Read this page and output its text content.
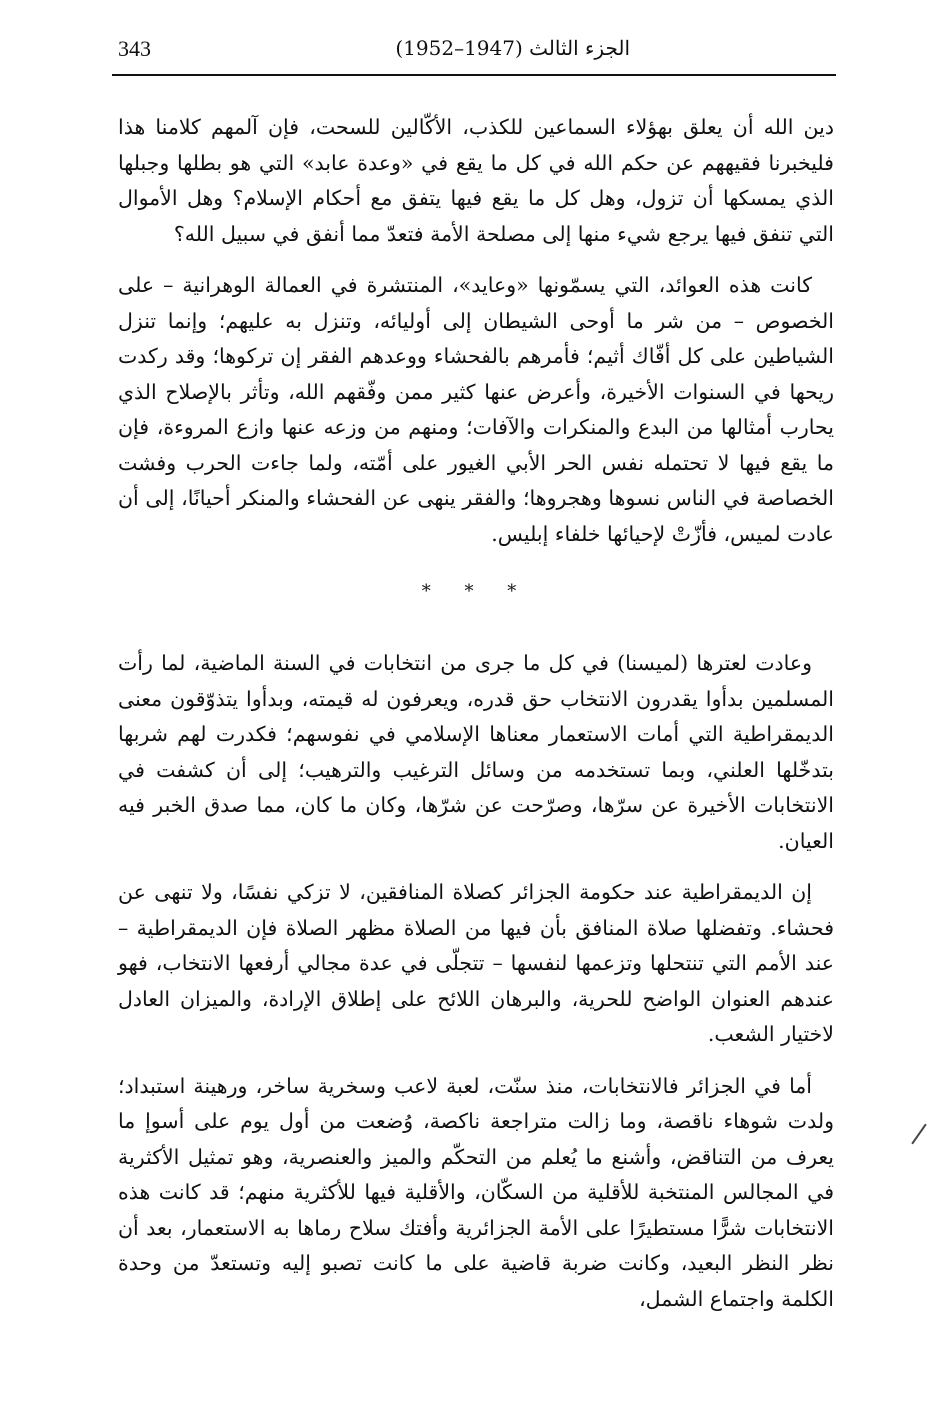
343	الجزء الثالث (1947–1952)

دين الله أن يعلق بهؤلاء السماعين للكذب، الأكّالين للسحت، فإن آلمهم كلامنا هذا فليخبرنا فقيههم عن حكم الله في كل ما يقع في «وعدة عابد» التي هو بطلها وجبلها الذي يمسكها أن تزول، وهل كل ما يقع فيها يتفق مع أحكام الإسلام؟ وهل الأموال التي تنفق فيها يرجع شيء منها إلى مصلحة الأمة فتعدّ مما أنفق في سبيل الله؟

كانت هذه العوائد، التي يسمّونها «وعايد»، المنتشرة في العمالة الوهرانية – على الخصوص – من شر ما أوحى الشيطان إلى أوليائه، وتنزل به عليهم؛ وإنما تنزل الشياطين على كل أفّاك أثيم؛ فأمرهم بالفحشاء ووعدهم الفقر إن تركوها؛ وقد ركدت ريحها في السنوات الأخيرة، وأعرض عنها كثير ممن وفّقهم الله، وتأثر بالإصلاح الذي يحارب أمثالها من البدع والمنكرات والآفات؛ ومنهم من وزعه عنها وازع المروءة، فإن ما يقع فيها لا تحتمله نفس الحر الأبي الغيور على أمّته، ولما جاءت الحرب وفشت الخصاصة في الناس نسوها وهجروها؛ والفقر ينهى عن الفحشاء والمنكر أحيانًا، إلى أن عادت لميس، فأزّتْ لإحيائها خلفاء إبليس.

* * *

وعادت لعترها (لميسنا) في كل ما جرى من انتخابات في السنة الماضية، لما رأت المسلمين بدأوا يقدرون الانتخاب حق قدره، ويعرفون له قيمته، وبدأوا يتذوّقون معنى الديمقراطية التي أمات الاستعمار معناها الإسلامي في نفوسهم؛ فكدرت لهم شربها بتدخّلها العلني، وبما تستخدمه من وسائل الترغيب والترهيب؛ إلى أن كشفت في الانتخابات الأخيرة عن سرّها، وصرّحت عن شرّها، وكان ما كان، مما صدق الخبر فيه العيان.

إن الديمقراطية عند حكومة الجزائر كصلاة المنافقين، لا تزكي نفسًا، ولا تنهى عن فحشاء. وتفضلها صلاة المنافق بأن فيها من الصلاة مظهر الصلاة فإن الديمقراطية – عند الأمم التي تنتحلها وتزعمها لنفسها – تتجلّى في عدة مجالي أرفعها الانتخاب، فهو عندهم العنوان الواضح للحرية، والبرهان اللائح على إطلاق الإرادة، والميزان العادل لاختيار الشعب.

أما في الجزائر فالانتخابات، منذ سنّت، لعبة لاعب وسخرية ساخر، ورهينة استبداد؛ ولدت شوهاء ناقصة، وما زالت متراجعة ناكصة، وُضعت من أول يوم على أسوإ ما يعرف من التناقض، وأشنع ما يُعلم من التحكّم والميز والعنصرية، وهو تمثيل الأكثرية في المجالس المنتخبة للأقلية من السكّان، والأقلية فيها للأكثرية منهم؛ قد كانت هذه الانتخابات شرًّا مستطيرًا على الأمة الجزائرية وأفتك سلاح رماها به الاستعمار، بعد أن نظر النظر البعيد، وكانت ضربة قاضية على ما كانت تصبو إليه وتستعدّ من وحدة الكلمة واجتماع الشمل،
